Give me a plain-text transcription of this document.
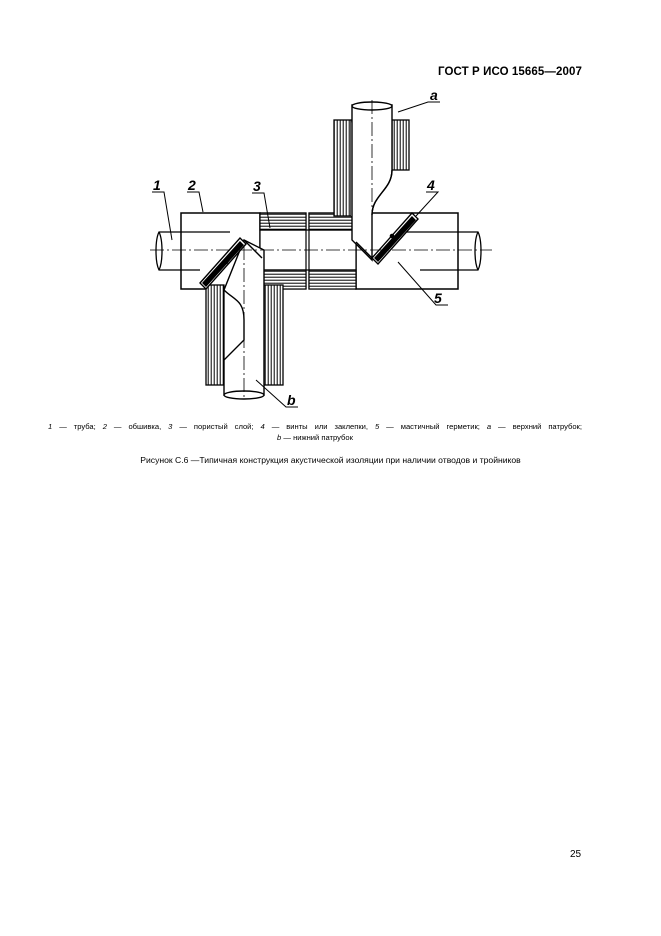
ГОСТ Р ИСО 15665—2007
1 2	3	4
5
a
b
1 — труба; 2 — обшивка, 3 — пористый слой; 4 — винты или заклепки, 5 — мастичный герметик; a — верхний патрубок;
b — нижний патрубок
Рисунок С.6 —Типичная конструкция акустической изоляции при наличии отводов и тройников
25
